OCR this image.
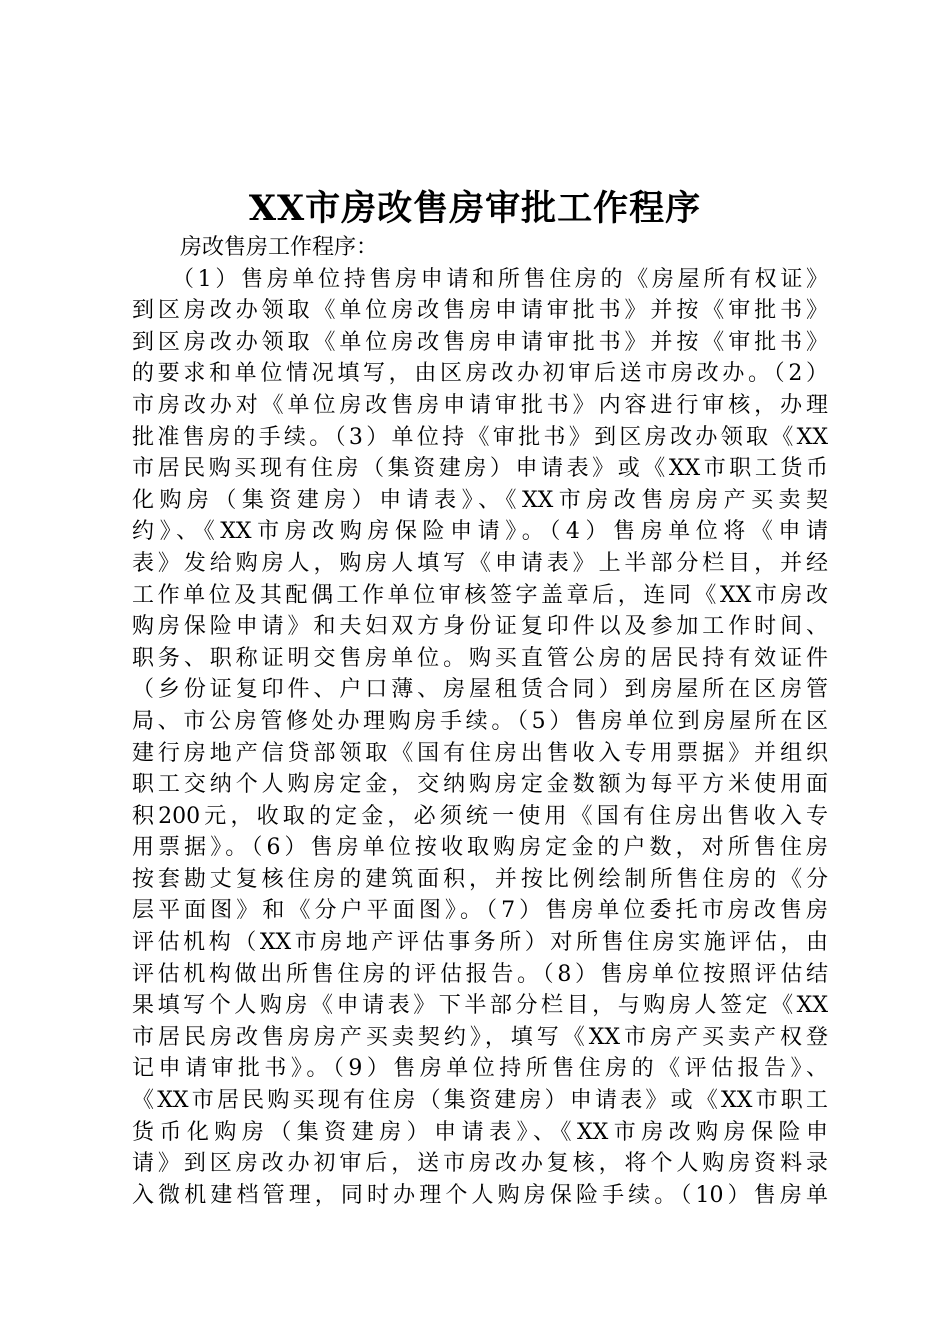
XX市房改售房审批工作程序
房改售房工作程序：
（1）售房单位持售房申请和所售住房的《房屋所有权证》
到区房改办领取《单位房改售房申请审批书》并按《审批书》
到区房改办领取《单位房改售房申请审批书》并按《审批书》
的要求和单位情况填写，由区房改办初审后送市房改办。（2）
市房改办对《单位房改售房申请审批书》内容进行审核，办理
批准售房的手续。（3）单位持《审批书》到区房改办领取《XX
市居民购买现有住房（集资建房）申请表》或《XX市职工货币
化购房（集资建房）申请表》、《XX市房改售房房产买卖契
约》、《XX市房改购房保险申请》。（4）售房单位将《申请
表》发给购房人，购房人填写《申请表》上半部分栏目，并经
工作单位及其配偶工作单位审核签字盖章后，连同《XX市房改
购房保险申请》和夫妇双方身份证复印件以及参加工作时间、
职务、职称证明交售房单位。购买直管公房的居民持有效证件
（乡份证复印件、户口薄、房屋租赁合同）到房屋所在区房管
局、市公房管修处办理购房手续。（5）售房单位到房屋所在区
建行房地产信贷部领取《国有住房出售收入专用票据》并组织
职工交纳个人购房定金，交纳购房定金数额为每平方米使用面
积200元，收取的定金，必须统一使用《国有住房出售收入专
用票据》。（6）售房单位按收取购房定金的户数，对所售住房
按套勘丈复核住房的建筑面积，并按比例绘制所售住房的《分
层平面图》和《分户平面图》。（7）售房单位委托市房改售房
评估机构（XX市房地产评估事务所）对所售住房实施评估，由
评估机构做出所售住房的评估报告。（8）售房单位按照评估结
果填写个人购房《申请表》下半部分栏目，与购房人签定《XX
市居民房改售房房产买卖契约》，填写《XX市房产买卖产权登
记申请审批书》。（9）售房单位持所售住房的《评估报告》、
《XX市居民购买现有住房（集资建房）申请表》或《XX市职工
货币化购房（集资建房）申请表》、《XX市房改购房保险申
请》到区房改办初审后，送市房改办复核，将个人购房资料录
入微机建档管理，同时办理个人购房保险手续。（10）售房单
